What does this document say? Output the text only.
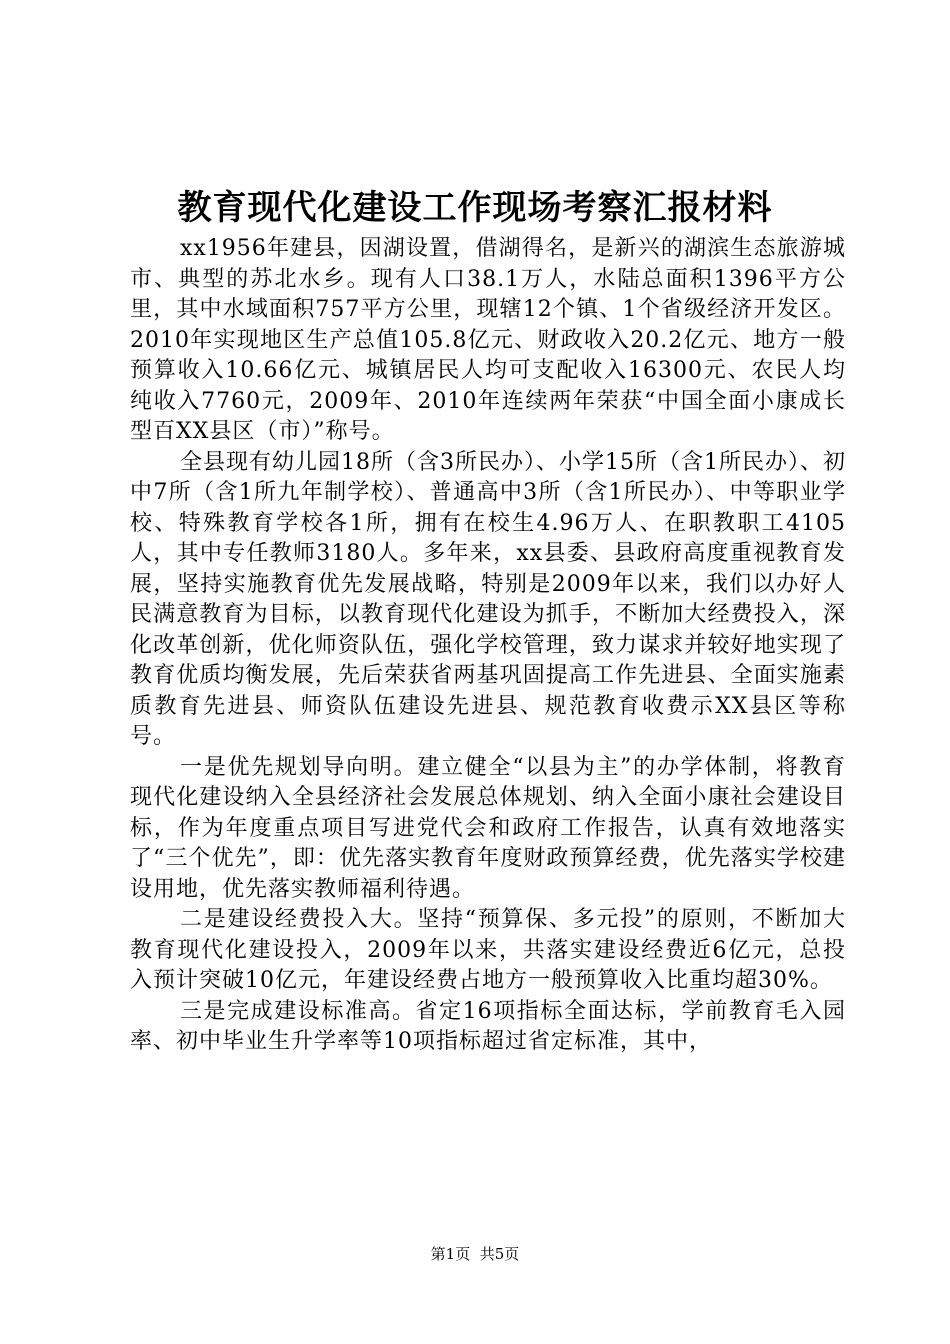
教育现代化建设工作现场考察汇报材料

xx1956年建县，因湖设置，借湖得名，是新兴的湖滨生态旅游城市、典型的苏北水乡。现有人口38.1万人，水陆总面积1396平方公里，其中水域面积757平方公里，现辖12个镇、1个省级经济开发区。2010年实现地区生产总值105.8亿元、财政收入20.2亿元、地方一般预算收入10.66亿元、城镇居民人均可支配收入16300元、农民人均纯收入7760元，2009年、2010年连续两年荣获“中国全面小康成长型百XX县区（市）”称号。

全县现有幼儿园18所（含3所民办）、小学15所（含1所民办）、初中7所（含1所九年制学校）、普通高中3所（含1所民办）、中等职业学校、特殊教育学校各1所，拥有在校生4.96万人、在职教职工4105人，其中专任教师3180人。多年来，xx县委、县政府高度重视教育发展，坚持实施教育优先发展战略，特别是2009年以来，我们以办好人民满意教育为目标，以教育现代化建设为抓手，不断加大经费投入，深化改革创新，优化师资队伍，强化学校管理，致力谋求并较好地实现了教育优质均衡发展，先后荣获省两基巩固提高工作先进县、全面实施素质教育先进县、师资队伍建设先进县、规范教育收费示XX县区等称号。

一是优先规划导向明。建立健全“以县为主”的办学体制，将教育现代化建设纳入全县经济社会发展总体规划、纳入全面小康社会建设目标，作为年度重点项目写进党代会和政府工作报告，认真有效地落实了“三个优先”，即：优先落实教育年度财政预算经费，优先落实学校建设用地，优先落实教师福利待遇。

二是建设经费投入大。坚持“预算保、多元投”的原则，不断加大教育现代化建设投入，2009年以来，共落实建设经费近6亿元，总投入预计突破10亿元，年建设经费占地方一般预算收入比重均超30%。

三是完成建设标准高。省定16项指标全面达标，学前教育毛入园率、初中毕业生升学率等10项指标超过省定标准，其中，

第1页 共5页
